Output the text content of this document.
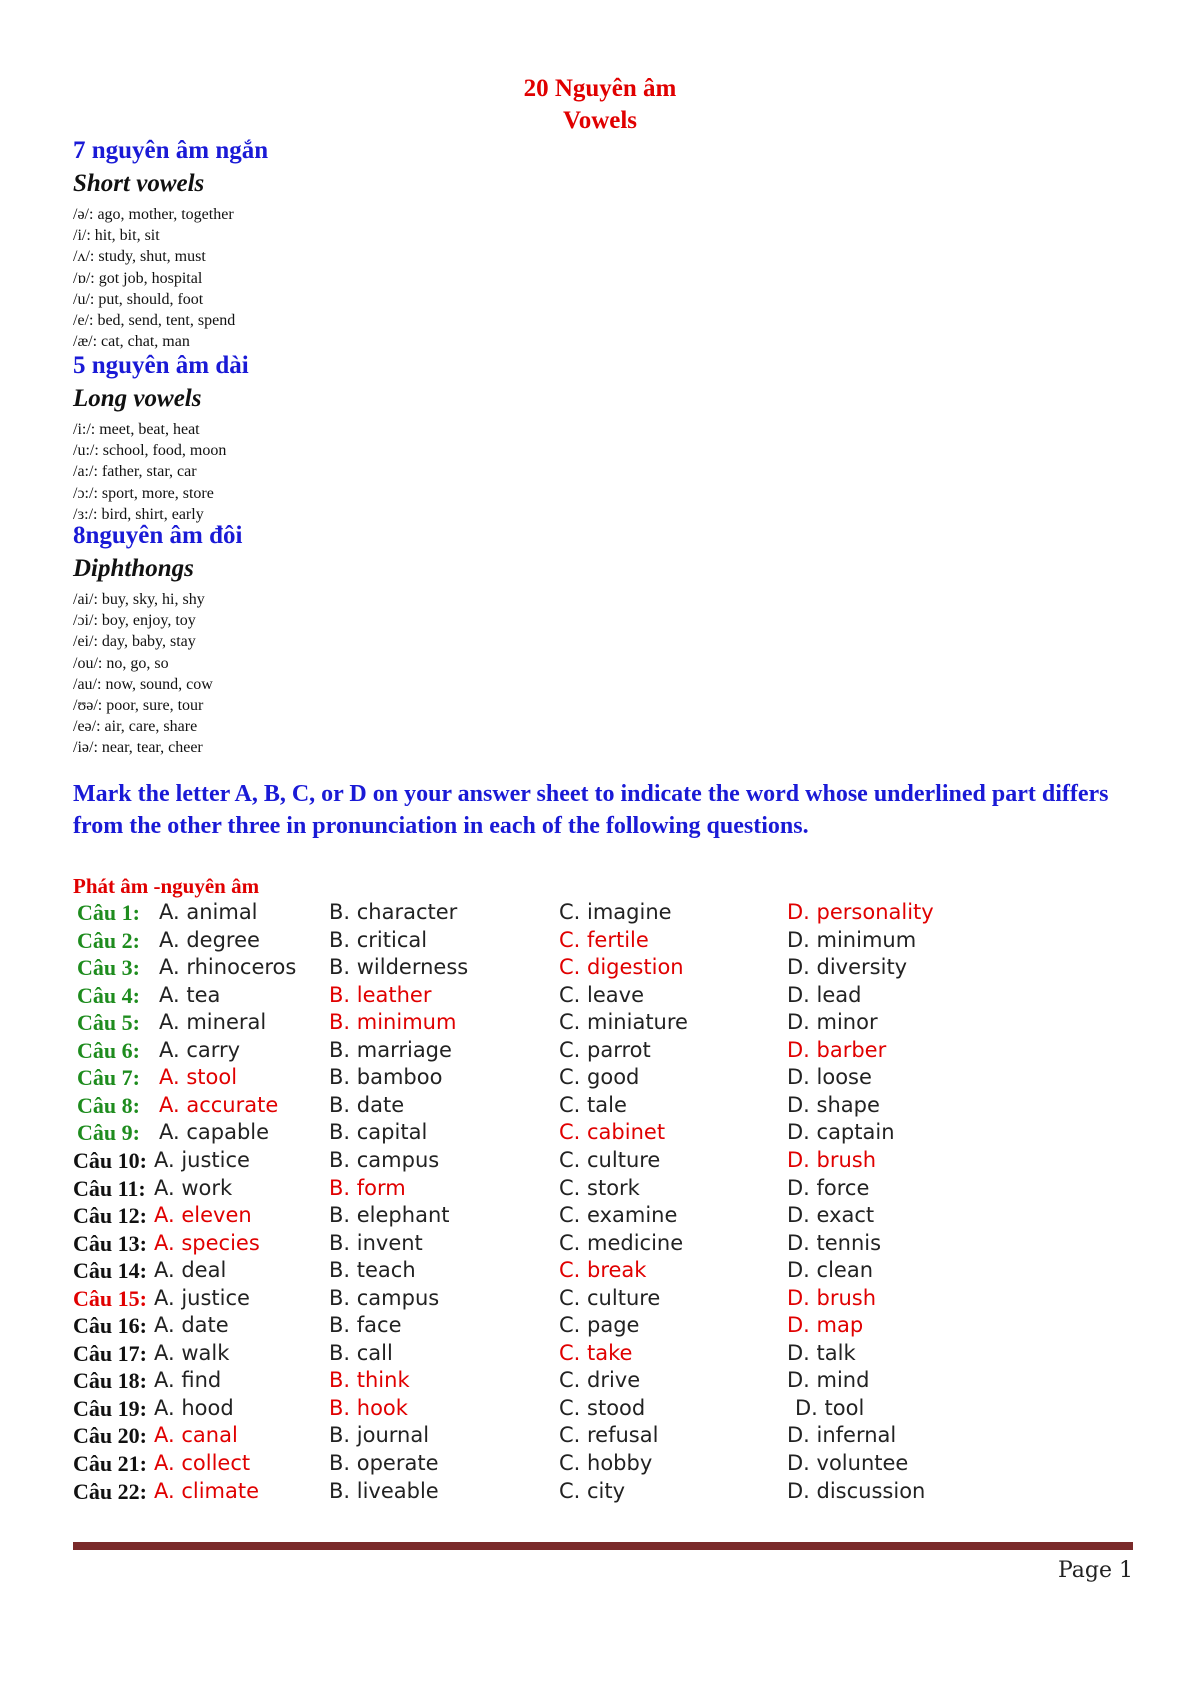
20 Nguyên âm
Vowels
7 nguyên âm ngắn
Short vowels
/ə/: ago, mother, together
/i/: hit, bit, sit
/ʌ/: study, shut, must
/ɒ/: got job, hospital
/u/: put, should, foot
/e/: bed, send, tent, spend
/æ/: cat, chat, man
5 nguyên âm dài
Long vowels
/i:/: meet, beat, heat
/u:/: school, food, moon
/a:/: father, star, car
/ɔ:/: sport, more, store
/ɜ:/: bird, shirt, early
8nguyên âm đôi
Diphthongs
/ai/: buy, sky, hi, shy
/ɔi/: boy, enjoy, toy
/ei/: day, baby, stay
/ou/: no, go, so
/au/: now, sound, cow
/ʊə/: poor, sure, tour
/eə/: air, care, share
/iə/: near, tear, cheer
Mark the letter A, B, C, or D on your answer sheet to indicate the word whose underlined part differs from the other three in pronunciation in each of the following questions.
Phát âm -nguyên âm
Câu 1: A. animal	B. character	C. imagine	D. personality
Câu 2: A. degree	B. critical	C. fertile	D. minimum
Câu 3: A. rhinoceros B. wilderness	C. digestion	D. diversity
Câu 4: A. tea	B. leather	C. leave	D. lead
Câu 5: A. mineral	B. minimum	C. miniature	D. minor
Câu 6: A. carry	B. marriage	C. parrot	D. barber
Câu 7: A. stool	B. bamboo	C. good	D. loose
Câu 8: A. accurate B. date	C. tale	D. shape
Câu 9: A. capable	B. capital	C. cabinet	D. captain
Câu 10: A. justice	B. campus	C. culture	D. brush
Câu 11: A. work	B. form	C. stork	D. force
Câu 12: A. eleven	B. elephant	C. examine	D. exact
Câu 13: A. species	B. invent	C. medicine	D. tennis
Câu 14: A. deal	B. teach	C. break	D. clean
Câu 15: A. justice	B. campus	C. culture	D. brush
Câu 16: A. date	B. face	C. page	D. map
Câu 17: A. walk	B. call	C. take	D. talk
Câu 18: A. find	B. think	C. drive	D. mind
Câu 19: A. hood	B. hook	C. stood	D. tool
Câu 20: A. canal	B. journal	C. refusal	D. infernal
Câu 21: A. collect	B. operate	C. hobby	D. voluntee
Câu 22: A. climate	B. liveable	C. city	D. discussion
Page 1
